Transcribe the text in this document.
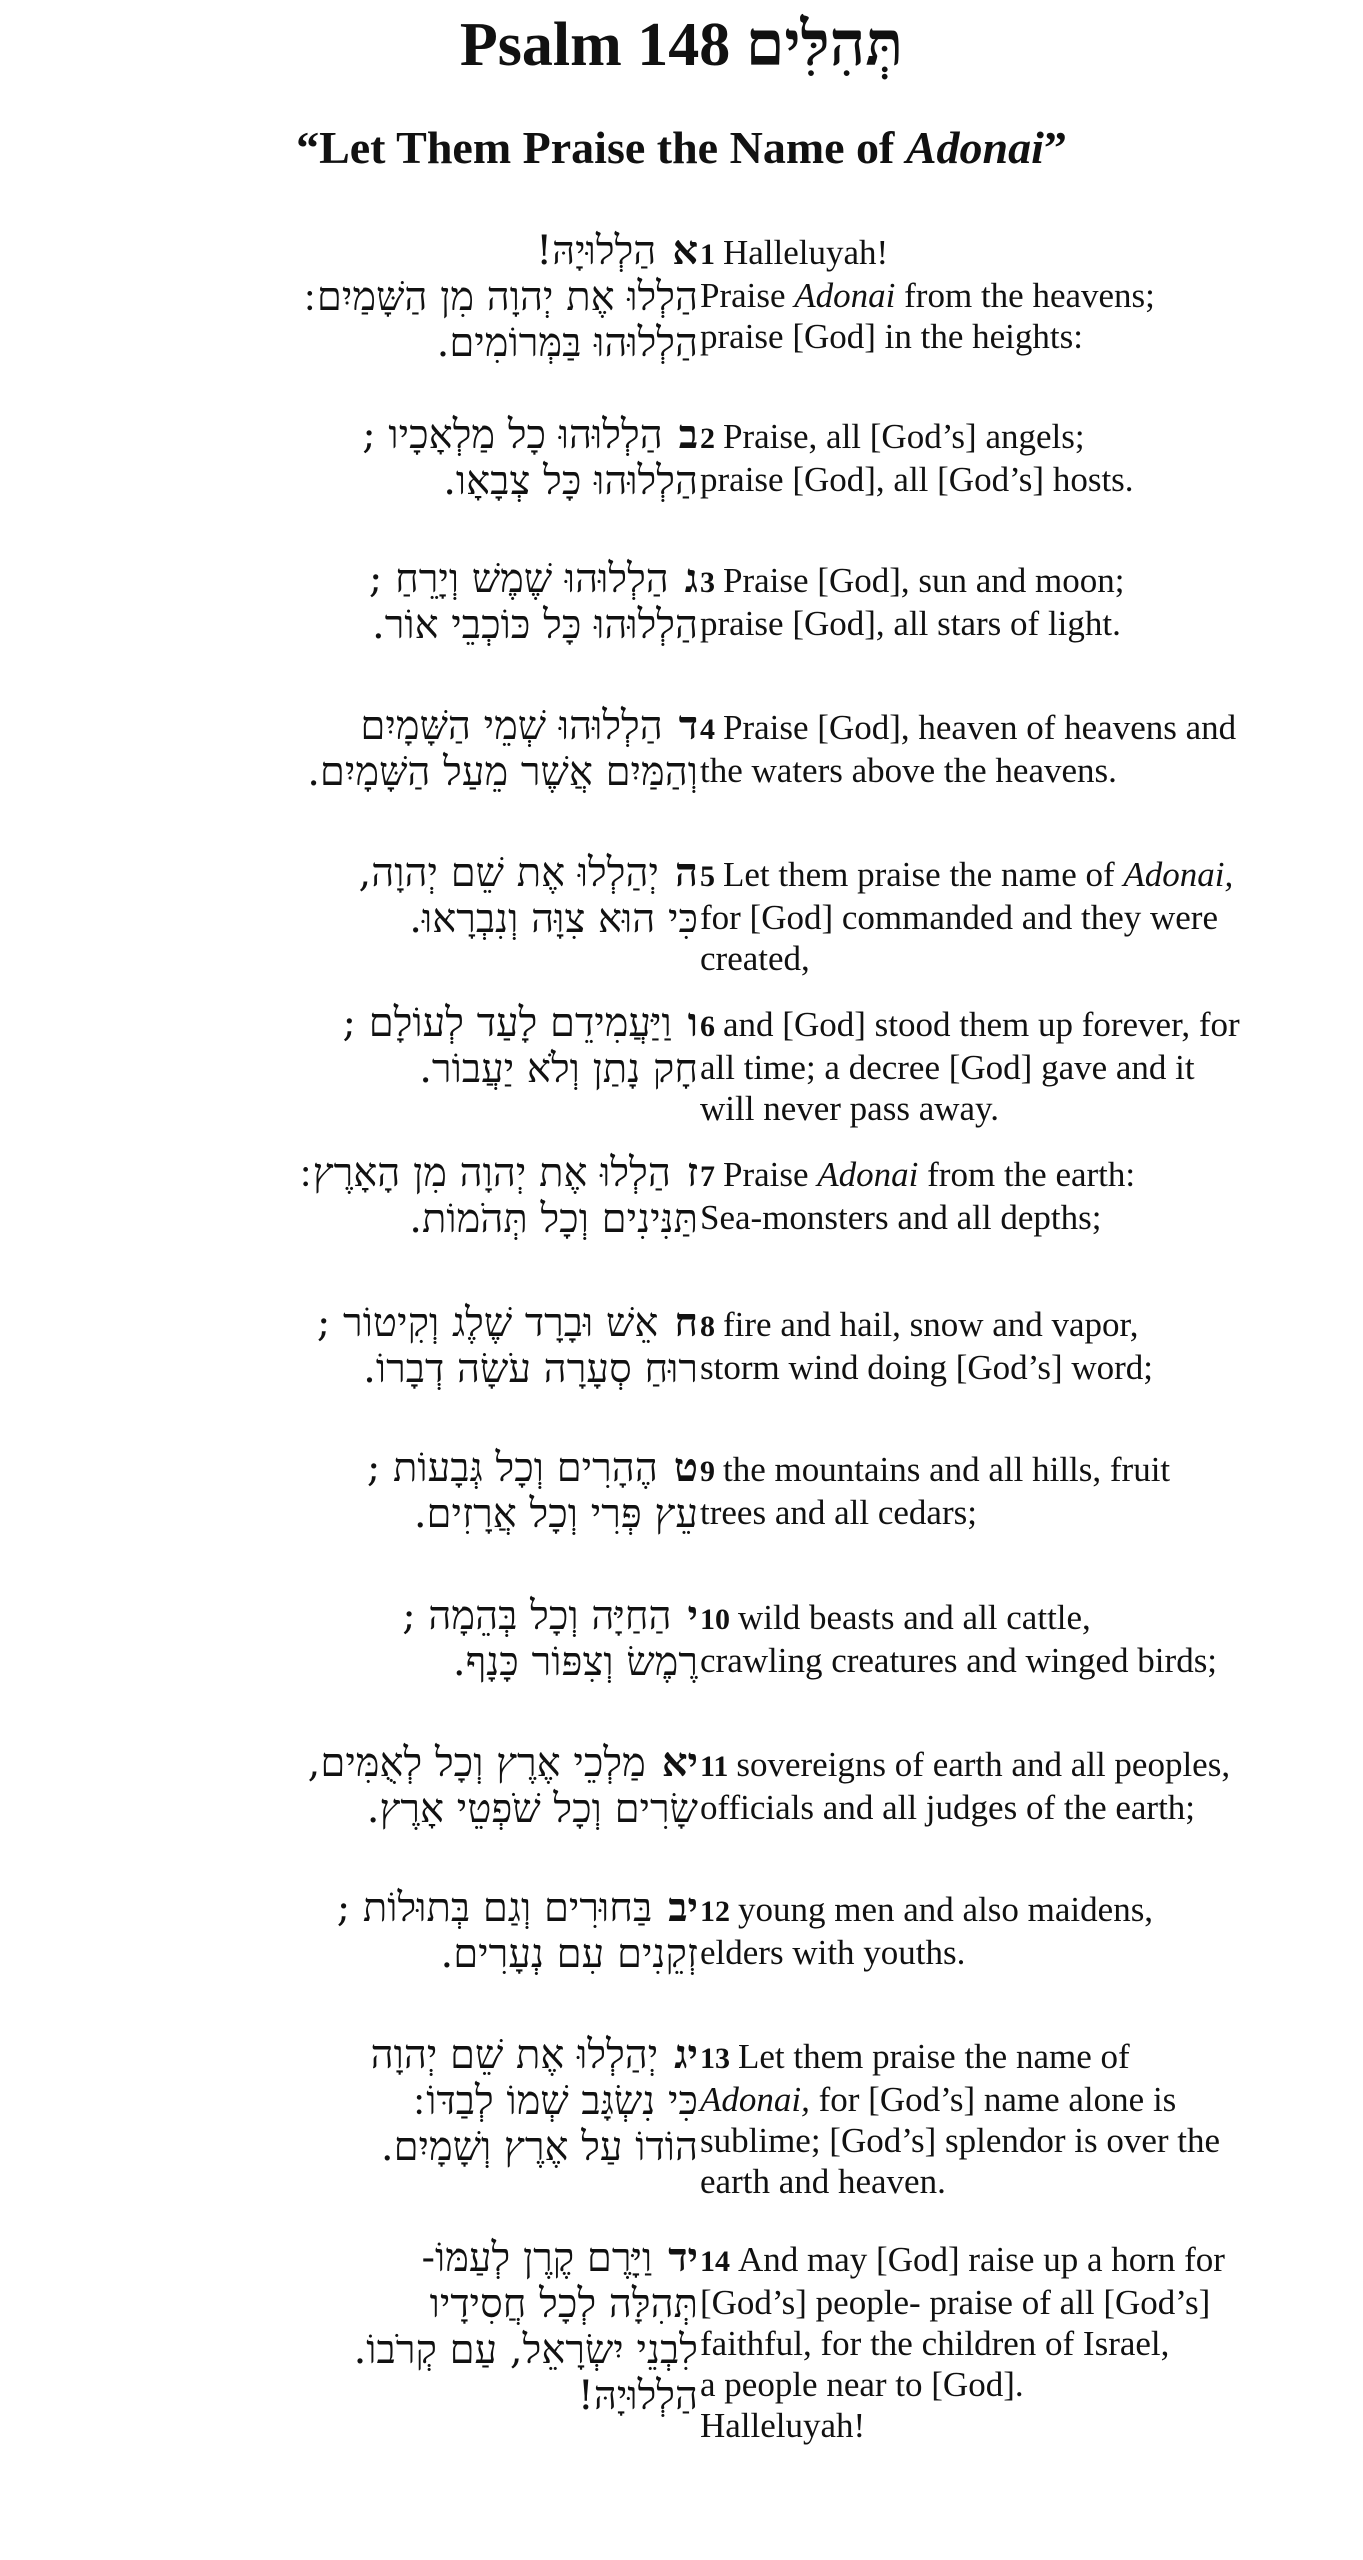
Psalm 148 תְּהִלִּים
“Let Them Praise the Name of Adonai”
אהַלְלוּיָהּ!
הַלְלוּ אֶת יְהוָה מִן הַשָּׁמַיִם ׃
הַלְלוּהוּ בַּמְּרוֹמִים.
1 Halleluyah!
Praise Adonai from the heavens;
praise [God] in the heights:
בהַלְלוּהוּ כָל מַלְאָכָיו ;
הַלְלוּהוּ כָּל צְבָאָו.
2 Praise, all [God’s] angels;
praise [God], all [God’s] hosts.
גהַלְלוּהוּ שֶׁמֶשׁ וְיָרֵחַ ;
הַלְלוּהוּ כָּל כּוֹכְבֵי אוֹר.
3 Praise [God], sun and moon;
praise [God], all stars of light.
דהַלְלוּהוּ שְׁמֵי הַשָּׁמָיִם
וְהַמַּיִם אֲשֶׁר מֵעַל הַשָּׁמָיִם.
4 Praise [God], heaven of heavens and
the waters above the heavens.
היְהַלְלוּ אֶת שֵׁם יְהוָה,
כִּי הוּא צִוָּה וְנִבְרָאוּ.
5 Let them praise the name of Adonai,
for [God] commanded and they were
created,
ווַיַּעֲמִידֵם לָעַד לְעוֹלָם ;
חָק נָתַן וְלֹא יַעֲבוֹר.
6 and [God] stood them up forever, for
all time; a decree [God] gave and it
will never pass away.
זהַלְלוּ אֶת יְהוָה מִן הָאָרֶץ ׃
תַּנִּינִים וְכָל תְּהֹמוֹת.
7 Praise Adonai from the earth:
Sea-monsters and all depths;
חאֵשׁ וּבָרָד שֶׁלֶג וְקִיטוֹר ;
רוּחַ סְעָרָה עֹשָׂה דְבָרוֹ.
8 fire and hail, snow and vapor,
storm wind doing [God’s] word;
טהֶהָרִים וְכָל גְּבָעוֹת ;
עֵץ פְּרִי וְכָל אֲרָזִים.
9 the mountains and all hills, fruit
trees and all cedars;
יהַחַיָּה וְכָל בְּהֵמָה ;
רֶמֶשׂ וְצִפּוֹר כָּנָף.
10 wild beasts and all cattle,
crawling creatures and winged birds;
יאמַלְכֵי אֶרֶץ וְכָל לְאֻמִּים,
שָׂרִים וְכָל שֹׁפְטֵי אָרֶץ.
11 sovereigns of earth and all peoples,
officials and all judges of the earth;
יבבַּחוּרִים וְגַם בְּתוּלוֹת ;
זְקֵנִים עִם נְעָרִים.
12 young men and also maidens,
elders with youths.
יגיְהַלְלוּ אֶת שֵׁם יְהוָה
כִּי נִשְׂגָּב שְׁמוֹ לְבַדּוֹ ׃
הוֹדוֹ עַל אֶרֶץ וְשָׁמָיִם.
13 Let them praise the name of
Adonai, for [God’s] name alone is
sublime; [God’s] splendor is over the
earth and heaven.
ידוַיָּרֶם קֶרֶן לְעַמּוֹ-
תְּהִלָּה לְכָל חֲסִידָיו
לִבְנֵי יִשְׂרָאֵל, עַם קְרֹבוֹ.
הַלְלוּיָהּ!
14 And may [God] raise up a horn for
[God’s] people- praise of all [God’s]
faithful, for the children of Israel,
a people near to [God].
Halleluyah!
